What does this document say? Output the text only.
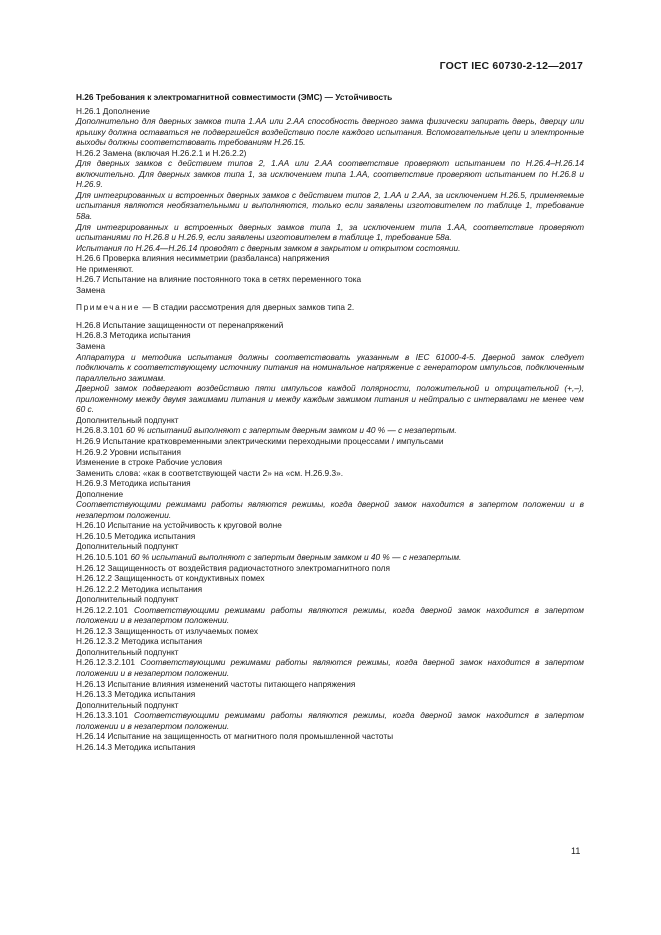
ГОСТ IEC 60730-2-12—2017

H.26 Требования к электромагнитной совместимости (ЭМС) — Устойчивость

H.26.1 Дополнение

Дополнительно для дверных замков типа 1.АА или 2.АА способность дверного замка физически запирать дверь, дверцу или крышку должна оставаться не подвергшейся воздействию после каждого испытания. Вспомогательные цепи и электронные выходы должны соответствовать требованиям H.26.15.

H.26.2 Замена (включая H.26.2.1 и H.26.2.2)

Для дверных замков с действием типов 2, 1.АА или 2.АА соответствие проверяют испытанием по H.26.4–H.26.14 включительно. Для дверных замков типа 1, за исключением типа 1.АА, соответствие проверяют испытанием по H.26.8 и H.26.9.

Для интегрированных и встроенных дверных замков с действием типов 2, 1.АА и 2.АА, за исключением H.26.5, применяемые испытания являются необязательными и выполняются, только если заявлены изготовителем по таблице 1, требование 58a.

Для интегрированных и встроенных дверных замков типа 1, за исключением типа 1.АА, соответствие проверяют испытаниями по H.26.8 и H.26.9, если заявлены изготовителем в таблице 1, требование 58a.

Испытания по H.26.4—H.26.14 проводят с дверным замком в закрытом и открытом состоянии.

H.26.6 Проверка влияния несимметрии (разбаланса) напряжения

Не применяют.

H.26.7 Испытание на влияние постоянного тока в сетях переменного тока

Замена

Примечание — В стадии рассмотрения для дверных замков типа 2.

H.26.8 Испытание защищенности от перенапряжений

H.26.8.3 Методика испытания

Замена

Аппаратура и методика испытания должны соответствовать указанным в IEC 61000-4-5. Дверной замок следует подключать к соответствующему источнику питания на номинальное напряжение с генератором импульсов, подключенным параллельно зажимам.

Дверной замок подвергают воздействию пяти импульсов каждой полярности, положительной и отрицательной (+,–), приложенному между двумя зажимами питания и между каждым зажимом питания и нейтралью с интервалами не менее чем 60 с.

Дополнительный подпункт

H.26.8.3.101 60 % испытаний выполняют с запертым дверным замком и 40 % — с незапертым.

H.26.9 Испытание кратковременными электрическими переходными процессами / импульсами

H.26.9.2 Уровни испытания

Изменение в строке Рабочие условия

Заменить слова: «как в соответствующей части 2» на «см. H.26.9.3».

H.26.9.3 Методика испытания

Дополнение

Соответствующими режимами работы являются режимы, когда дверной замок находится в запертом положении и в незапертом положении.

H.26.10 Испытание на устойчивость к круговой волне

H.26.10.5 Методика испытания

Дополнительный подпункт

H.26.10.5.101 60 % испытаний выполняют с запертым дверным замком и 40 % — с незапертым.

H.26.12 Защищенность от воздействия радиочастотного электромагнитного поля

H.26.12.2 Защищенность от кондуктивных помех

H.26.12.2.2 Методика испытания

Дополнительный подпункт

H.26.12.2.101 Соответствующими режимами работы являются режимы, когда дверной замок находится в запертом положении и в незапертом положении.

H.26.12.3 Защищенность от излучаемых помех

H.26.12.3.2 Методика испытания

Дополнительный подпункт

H.26.12.3.2.101 Соответствующими режимами работы являются режимы, когда дверной замок находится в запертом положении и в незапертом положении.

H.26.13 Испытание влияния изменений частоты питающего напряжения

H.26.13.3 Методика испытания

Дополнительный подпункт

H.26.13.3.101 Соответствующими режимами работы являются режимы, когда дверной замок находится в запертом положении и в незапертом положении.

H.26.14 Испытание на защищенность от магнитного поля промышленной частоты

H.26.14.3 Методика испытания

11
